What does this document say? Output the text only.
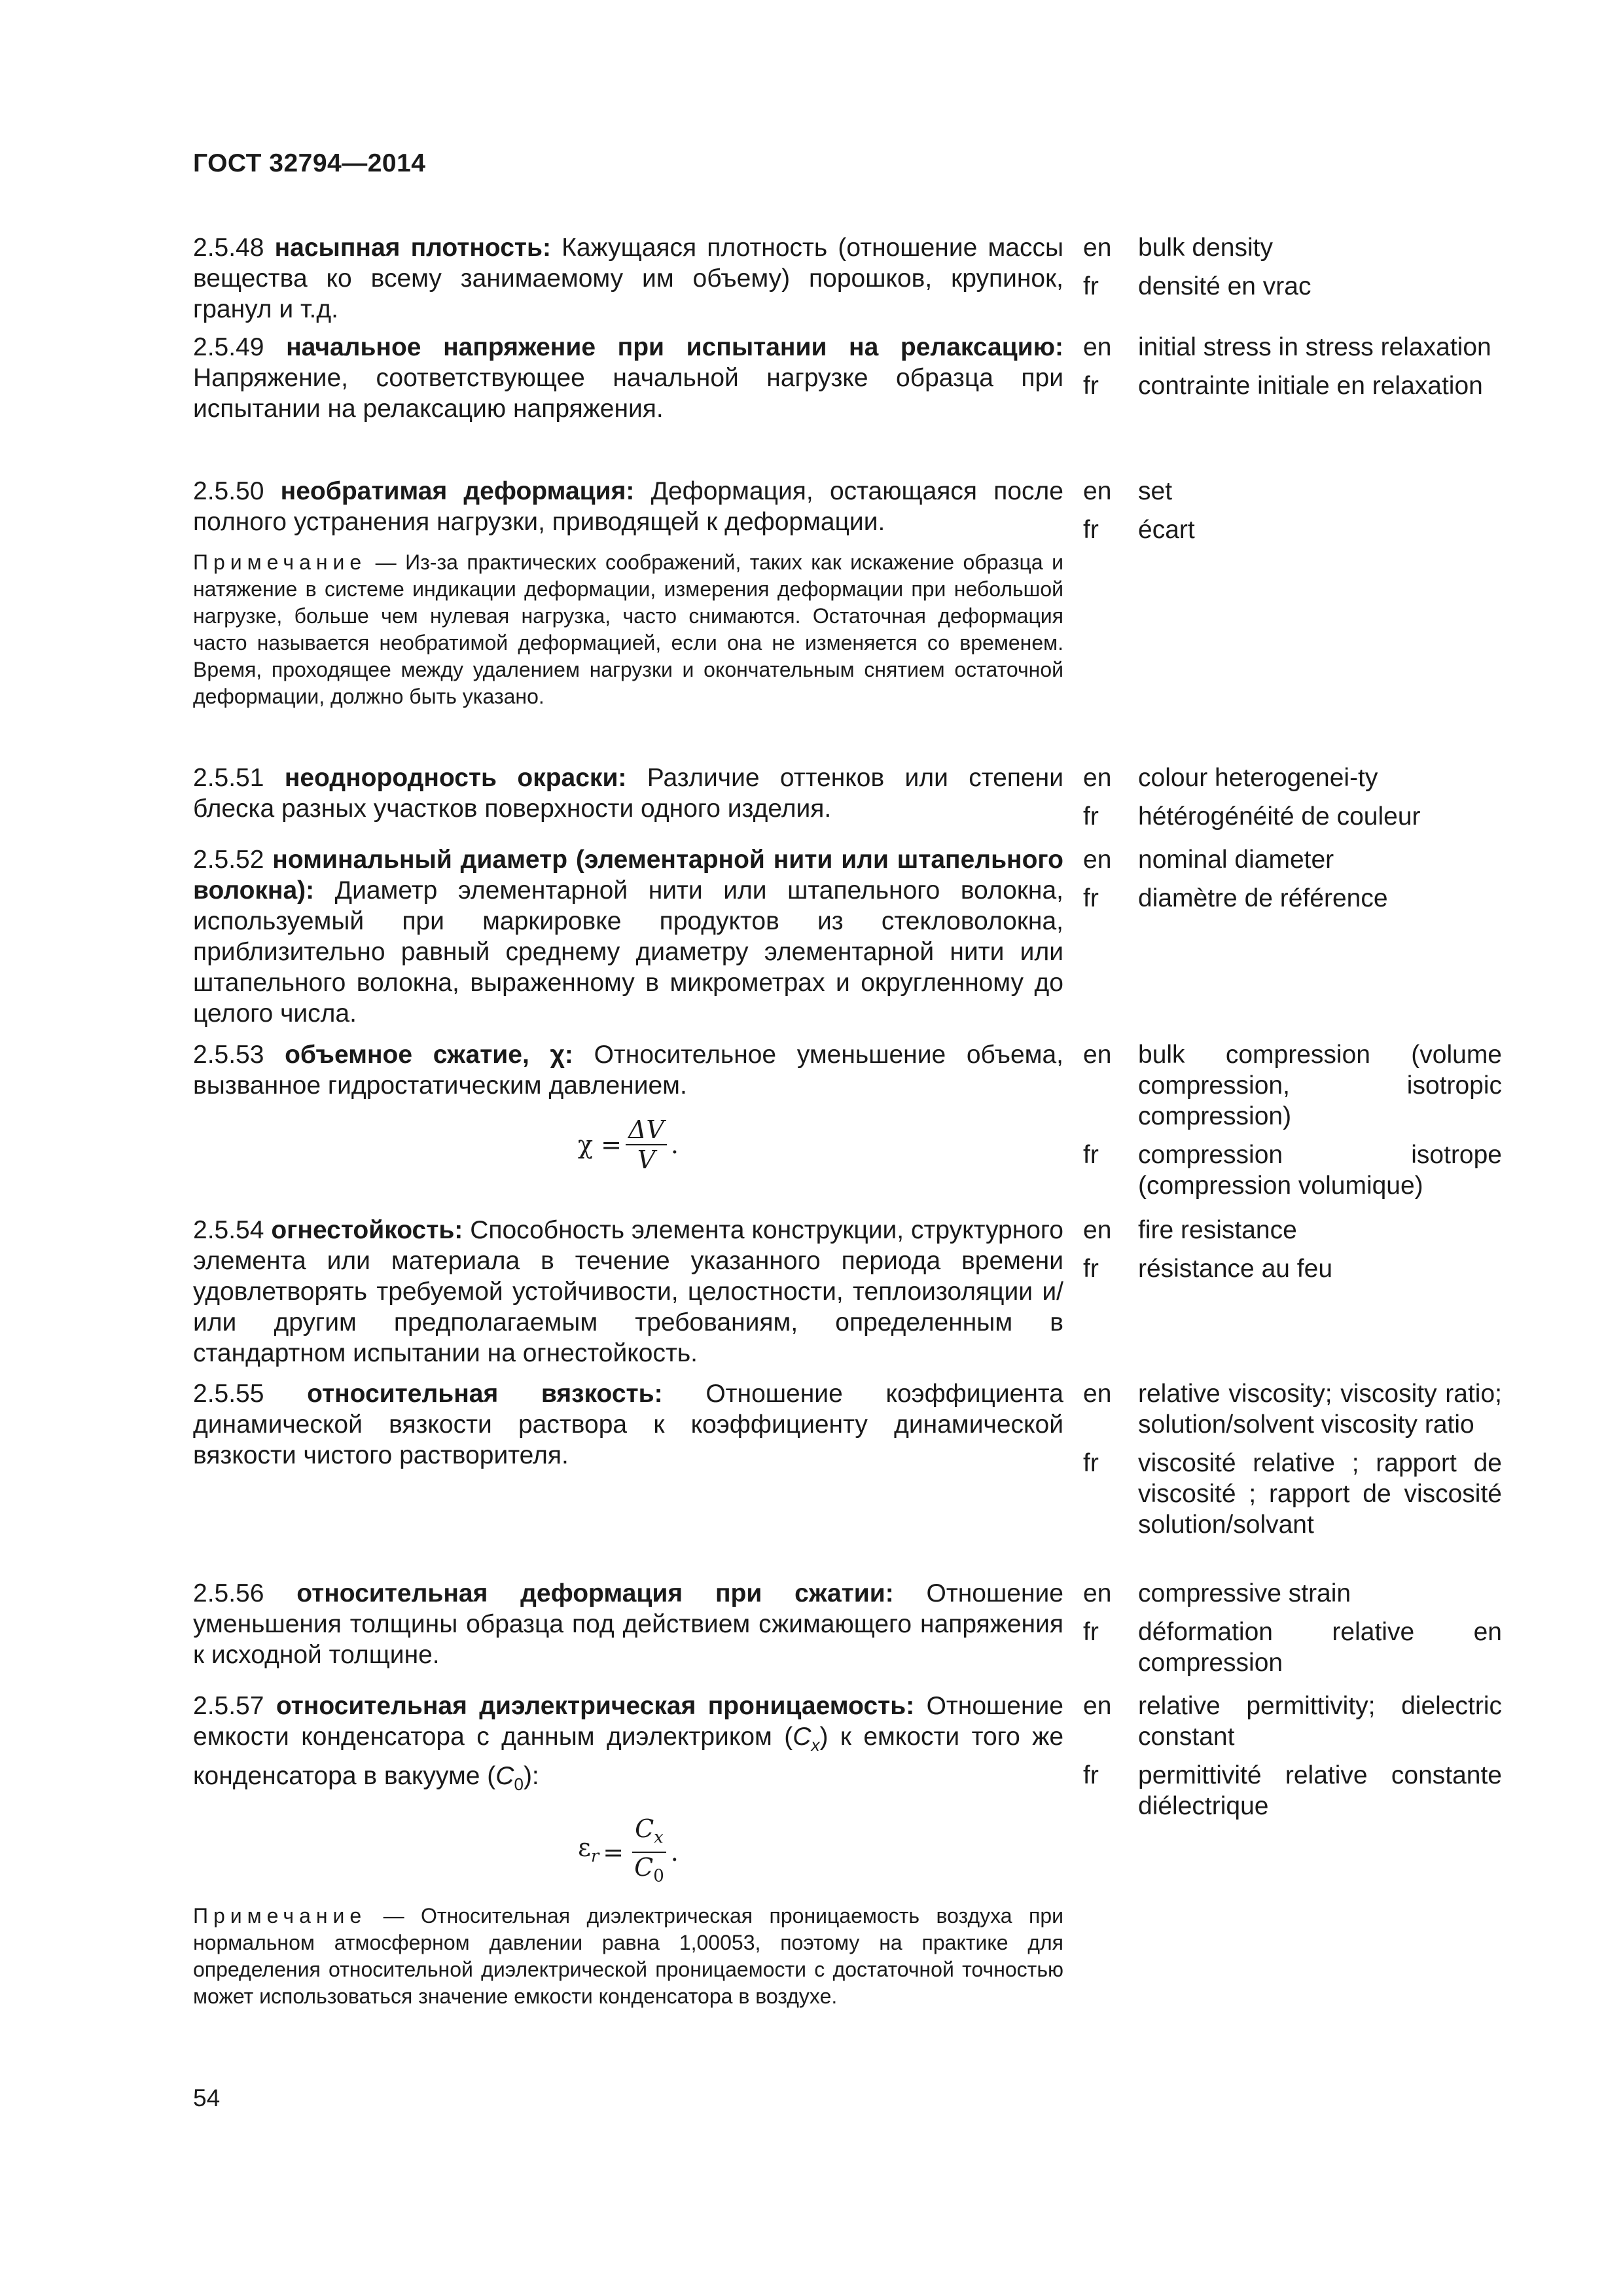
ГОСТ 32794—2014
2.5.48 насыпная плотность: Кажущаяся плотность (отношение массы вещества ко всему занимаемому им объему) порошков, крупинок, гранул и т.д.
en	bulk density
fr	densité en vrac
2.5.49 начальное напряжение при испытании на релаксацию: Напряжение, соответствующее начальной нагрузке образца при испытании на релаксацию напряжения.
en	initial stress in stress relaxation
fr	contrainte initiale en relaxation
2.5.50 необратимая деформация: Деформация, остающаяся после полного устранения нагрузки, приводящей к деформации.
Примечание — Из-за практических соображений, таких как искажение образца и натяжение в системе индикации деформации, измерения деформации при небольшой нагрузке, больше чем нулевая нагрузка, часто снимаются. Остаточная деформация часто называется необратимой деформацией, если она не изменяется со временем. Время, проходящее между удалением нагрузки и окончательным снятием остаточной деформации, должно быть указано.
en	set
fr	écart
2.5.51 неоднородность окраски: Различие оттенков или степени блеска разных участков поверхности одного изделия.
en	colour heterogenei-ty
fr	hétérogénéité de couleur
2.5.52 номинальный диаметр (элементарной нити или штапельного волокна): Диаметр элементарной нити или штапельного волокна, используемый при маркировке продуктов из стекловолокна, приблизительно равный среднему диаметру элементарной нити или штапельного волокна, выраженному в микрометрах и округленному до целого числа.
en	nominal diameter
fr	diamètre de référence
2.5.53 объемное сжатие, χ: Относительное уменьшение объема, вызванное гидростатическим давлением.
$\chi = \frac{\Delta V}{V}$ .
en	bulk compression (volume compression, isotropic compression)
fr	compression isotrope (compression volumique)
2.5.54 огнестойкость: Способность элемента конструкции, структурного элемента или материала в течение указанного периода времени удовлетворять требуемой устойчивости, целостности, теплоизоляции и/или другим предполагаемым требованиям, определенным в стандартном испытании на огнестойкость.
en	fire resistance
fr	résistance au feu
2.5.55 относительная вязкость: Отношение коэффициента динамической вязкости раствора к коэффициенту динамической вязкости чистого растворителя.
en	relative viscosity; viscosity ratio; solution/solvent viscosity ratio
fr	viscosité relative ; rapport de viscosité ; rapport de viscosité solution/solvant
2.5.56 относительная деформация при сжатии: Отношение уменьшения толщины образца под действием сжимающего напряжения к исходной толщине.
en	compressive strain
fr	déformation relative en compression
2.5.57 относительная диэлектрическая проницаемость: Отношение емкости конденсатора с данным диэлектриком $(C_x)$ к емкости того же конденсатора в вакууме $(C_0)$:
$\varepsilon_r = \frac{C_x}{C_0}$ .
Примечание — Относительная диэлектрическая проницаемость воздуха при нормальном атмосферном давлении равна 1,00053, поэтому на практике для определения относительной диэлектрической проницаемости с достаточной точностью может использоваться значение емкости конденсатора в воздухе.
en	relative permittivity; dielectric constant
fr	permittivité relative constante diélectrique
54
